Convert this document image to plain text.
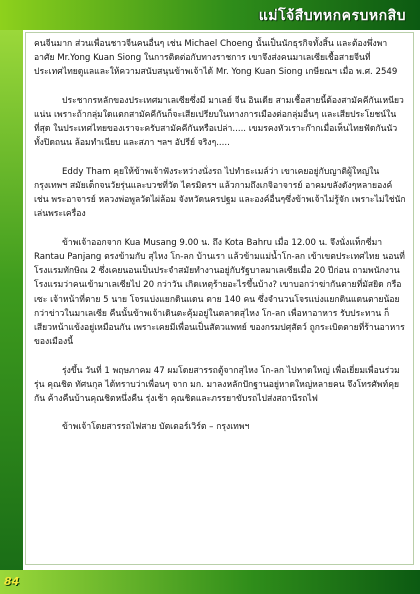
แม่โจ้สืบทหกครบหกสิบ

คนจีนมาก ส่วนเพื่อนชาวจีนคนอื่นๆ เช่น Michael Choeng นั้นเป็นนักธุรกิจทั้งสิ้น และต้องพึ่งพาอาศัย Mr.Yong Kuan Siong ในการติดต่อกับทางราชการ เขาจึงส่งคนมาเลเซียเชื้อสายจีนที่ประเทศไทยดูแลและให้ความสนับสนุนข้าพเจ้าได้ Mr. Yong Kuan Siong เกษียณฯ เมื่อ พ.ศ. 2549

ประชากรหลักของประเทศมาเลเซียซึ่งมี มาเลย์ จีน อินเดีย สามเชื้อสายนี้ต้องสามัคคีกันเหนียวแน่น เพราะถ้ากลุ่มใดแตกสามัคคีกันก็จะเสียเปรียบในทางการเมืองต่อกลุ่มอื่นๆ และเสียประโยชน์ในที่สุด ในประเทศไทยของเราจะครับสามัคคีกันหรือเปล่า..... เขมรคงหัวเราะก๊ากเมื่อเห็นไทยฟัดกันนัว ทั้งปิดถนน ล้อมทำเนียบ และสภา ฯลฯ อัปรีย์ จริงๆ.....

Eddy Tham คุยให้ข้าพเจ้าฟังระหว่างนั่งรถ ไปทำธะเมล์ว่า เขาเคยอยู่กับญาติผู้ใหญ่ในกรุงเทพฯ สมัยเด็กจนวัยรุ่นและบวชที่วัด ไตรมิตรฯ แล้วกามถึงเกจิอาจารย์ อาคมขลังดังๆหลายองค์ เช่น พระอาจารย์ หลวงพ่อพูลวัดไผ่ล้อม จังหวัดนครปฐม และองค์อื่นๆซึ่งข้าพเจ้าไม่รู้จัก เพราะไม่ใช่นักเล่นพระเครื่อง

ข้าพเจ้าออกจาก Kua Musang 9.00 น. ถึง Kota Bahru เมื่อ 12.00 น. จึงนั่งแท็กซี่มา Rantau Panjang ตรงข้ามกับ สุไหง โก-ลก บ้านเรา แล้วข้ามแม่น้ำโก-ลก เข้าเขตประเทศไทย นอนที่โรงแรมทักษิณ 2 ซึ่งเคยนอนเป็นประจำสมัยทำงานอยู่กับรัฐบาลมาเลเซียเมื่อ 20 ปีก่อน ถามพนักงานโรงแรมว่าคนเข้ามาเลเซียไป 20 กว่าวัน เกิดเหตุร้ายอะไรขึ้นบ้าง? เขาบอกว่าฆ่ากันตายที่มัสยิด กรือเซะ เจ้าหน้าที่ตาย 5 นาย โจรแบ่งแยกดินแดน ตาย 140 คน ซึ่งจำนวนโจรแบ่งแยกดินแดนตายน้อยกว่าข่าวในมาเลเซีย คืนนั้นข้าพเจ้าเดินตะคุ้มอยู่ในตลาดสุไหง โก-ลก เพื่อหาอาหาร รับประทาน ก็เสียวหน้าแข้งอยู่เหมือนกัน เพราะเคยมีเพื่อนเป็นสัตวแพทย์ ของกรมปศุสัตว์ ถูกระเบิดตายที่ร้านอาหารของเมืองนี้

รุ่งขึ้น วันที่ 1 พฤษภาคม 47 ผมโดยสารรถตู้จากสุไหง โก-ลก ไปหาดใหญ่ เพื่อเยี่ยมเพื่อนร่วมรุ่น คุณชิต ทัศนกุล ได้ทราบว่าเพื่อนๆ จาก มก. มาลงหลักปักฐานอยู่หาดใหญ่หลายคน จึงโทรศัพท์คุยกัน ค้างคืนบ้านคุณชิตหนึ่งคืน รุ่งเช้า คุณชิตและภรรยาขับรถไปส่งสถานีรถไฟ

ข้าพเจ้าโดยสารรถไฟสาย บัตเตอร์เวิร์ต – กรุงเทพฯ

84
